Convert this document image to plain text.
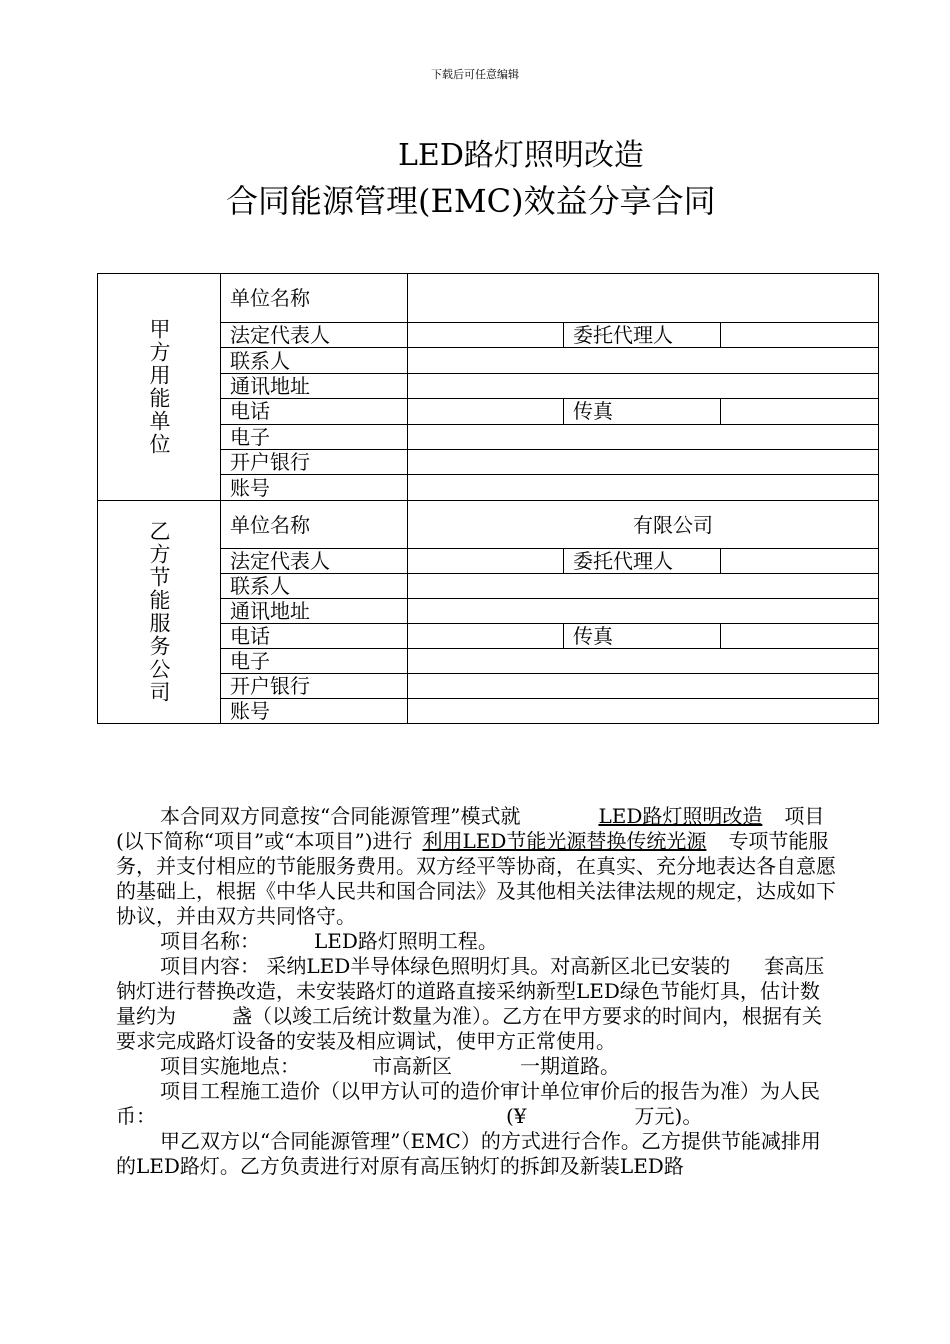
下载后可任意编辑
LED路灯照明改造
合同能源管理(EMC)效益分享合同
甲方用能单位	单位名称			
	法定代表人		委托代理人	
	联系人			
	通讯地址			
	电话		传真	
	电子			
	开户银行			
	账号			
乙方节能服务公司	单位名称	有限公司		
	法定代表人		委托代理人	
	联系人			
	通讯地址			
	电话		传真	
	电子			
	开户银行			
	账号			

本合同双方同意按“合同能源管理”模式就	LED路灯照明改造 项目(以下简称“项目”或“本项目”)进行 利用LED节能光源替换传统光源 专项节能服务，并支付相应的节能服务费用。双方经平等协商，在真实、充分地表达各自意愿的基础上，根据《中华人民共和国合同法》及其他相关法律法规的规定，达成如下协议，并由双方共同恪守。

项目名称：	LED路灯照明工程。

项目内容： 采纳LED半导体绿色照明灯具。对高新区北已安装的 套高压钠灯进行替换改造，未安装路灯的道路直接采纳新型LED绿色节能灯具，估计数量约为	盏（以竣工后统计数量为准）。乙方在甲方要求的时间内，根据有关要求完成路灯设备的安装及相应调试，使甲方正常使用。

项目实施地点：	市高新区	一期道路。

项目工程施工造价（以甲方认可的造价审计单位审价后的报告为准）为人民币：	(¥	万元)。

甲乙双方以“合同能源管理”（EMC）的方式进行合作。乙方提供节能减排用的LED路灯。乙方负责进行对原有高压钠灯的拆卸及新装LED路
